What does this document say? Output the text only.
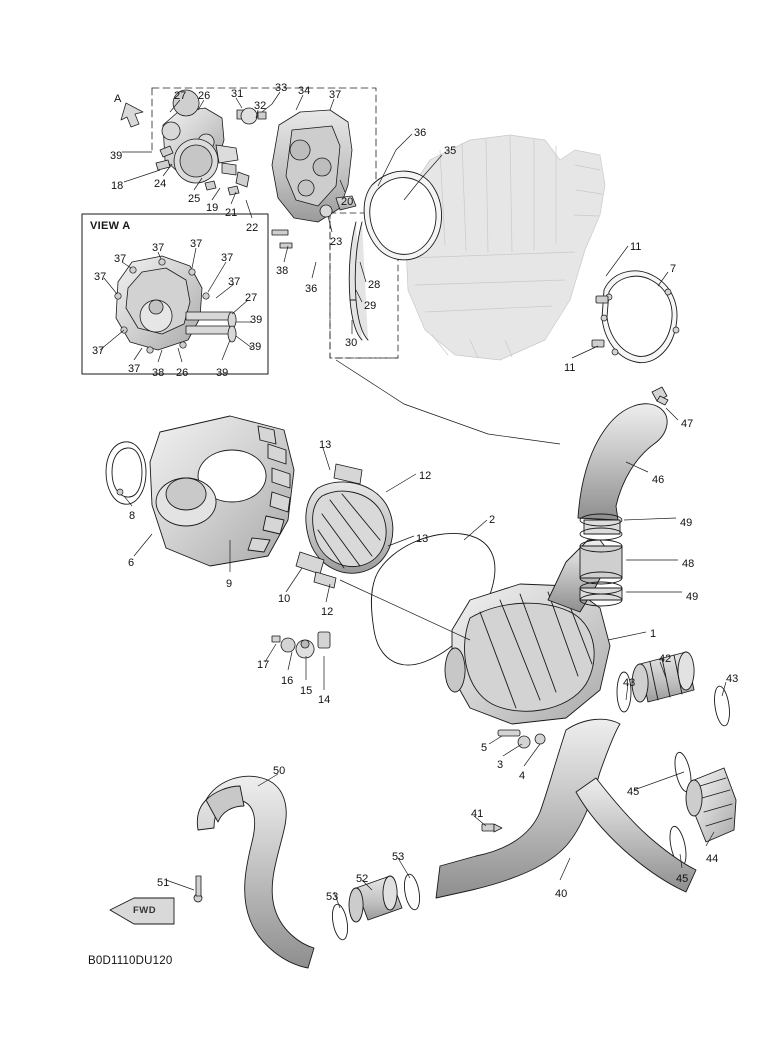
A	27 26 31	33 34 37
32
36
35
39
18	24
25
19 21
22
20
23
38
36	28
29
30
11
7
11
47
46
49
48
49
13
12
13
2
8
6
9
10
12
1
42
43	43
17
16
15
14
5
3
4
45
44
45
41
50
51
53
52
53
40
37
37 37
37
37	37
27
39
37
37 38 26	39
39
VIEW A
B0D1110DU120
FWD
